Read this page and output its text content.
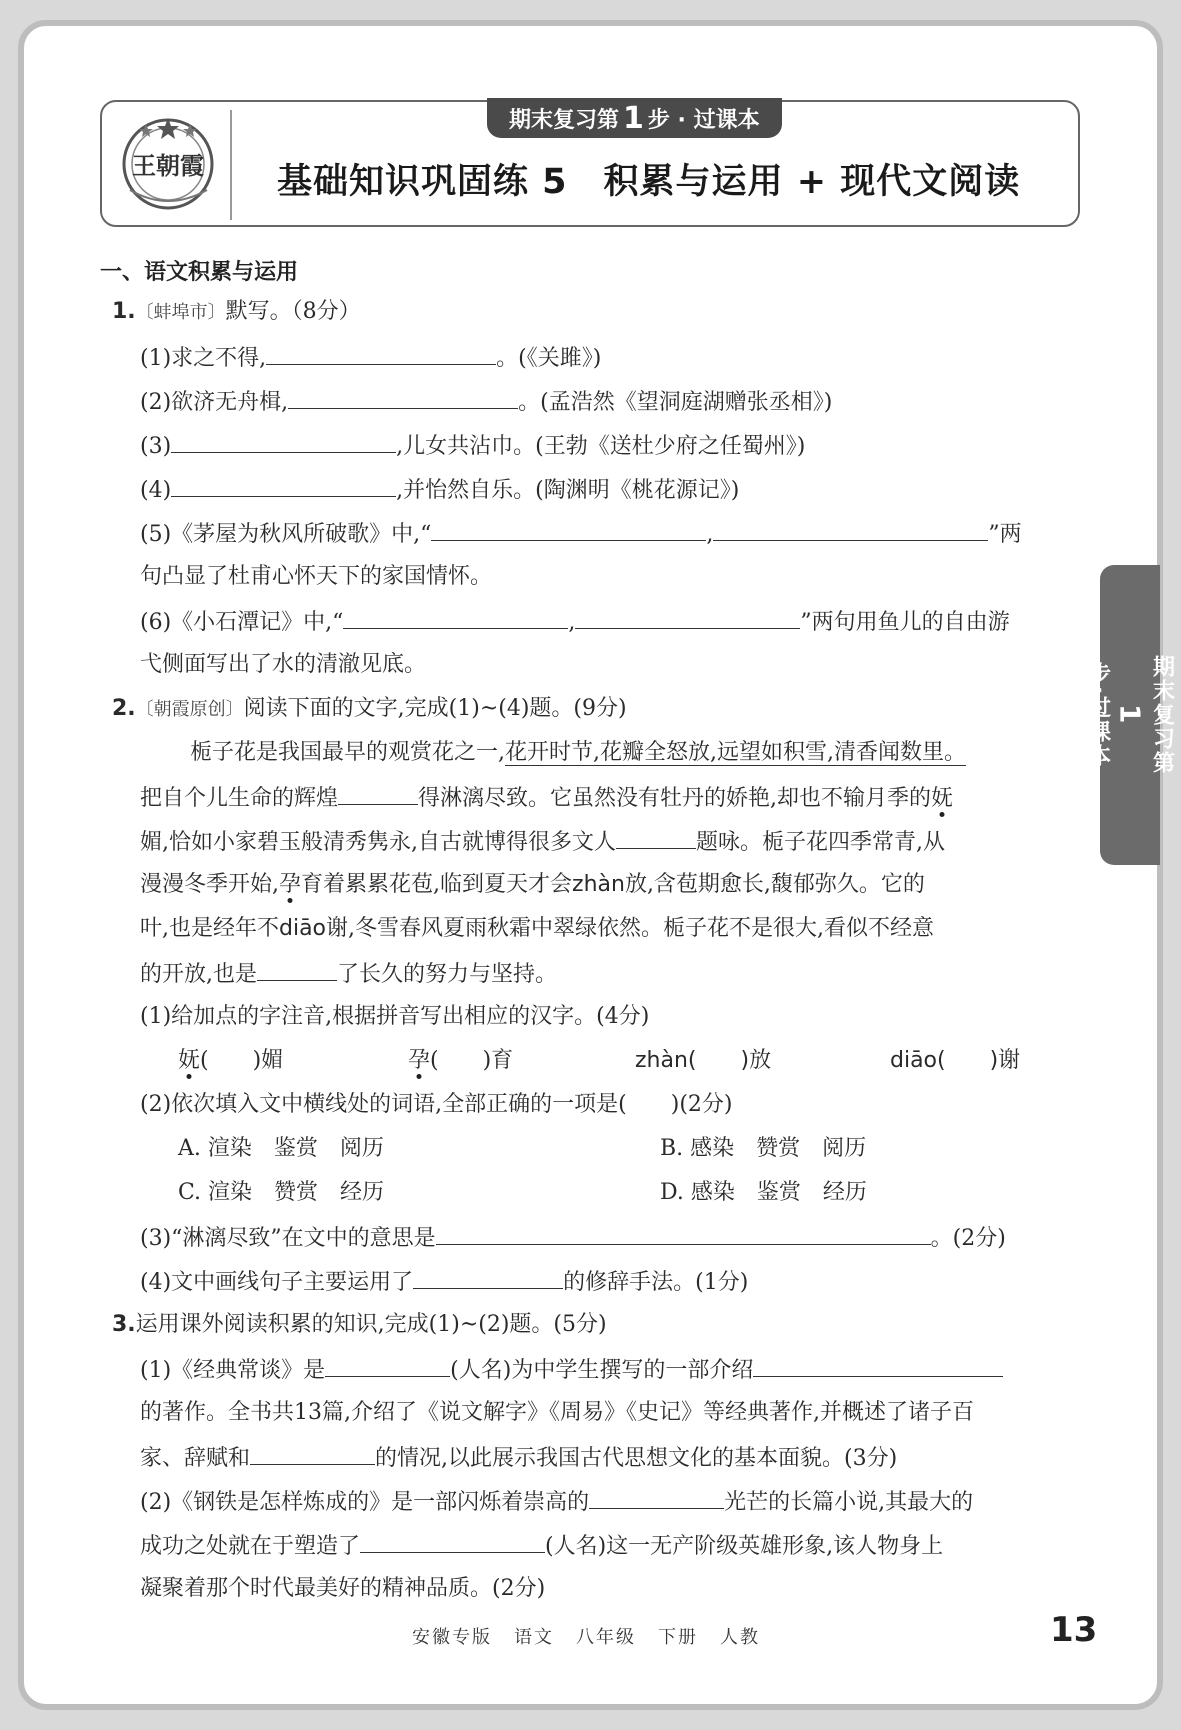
期末复习第 1 步 · 过课本
王朝霞 基础知识巩固练 5　积累与运用 + 现代文阅读
一、语文积累与运用
1.〔蚌埠市〕默写。（8分）
(1)求之不得,	。(《关雎》)
(2)欲济无舟楫,	。(孟浩然《望洞庭湖赠张丞相》)
(3)	,儿女共沾巾。(王勃《送杜少府之任蜀州》)
(4)	,并怡然自乐。(陶渊明《桃花源记》)
(5)《茅屋为秋风所破歌》中,“	,	”两
句凸显了杜甫心怀天下的家国情怀。
(6)《小石潭记》中,“	,	”两句用鱼儿的自由游
弋侧面写出了水的清澈见底。
2.〔朝霞原创〕阅读下面的文字,完成(1)~(4)题。(9分)
栀子花是我国最早的观赏花之一,花开时节,花瓣全怒放,远望如积雪,清香闻数里。
把自个儿生命的辉煌	得淋漓尽致。它虽然没有牡丹的娇艳,却也不输月季的妩
媚,恰如小家碧玉般清秀隽永,自古就博得很多文人	题咏。栀子花四季常青,从
漫漫冬季开始,孕育着累累花苞,临到夏天才会zhàn放,含苞期愈长,馥郁弥久。它的
叶,也是经年不diāo谢,冬雪春风夏雨秋霜中翠绿依然。栀子花不是很大,看似不经意
的开放,也是	了长久的努力与坚持。
(1)给加点的字注音,根据拼音写出相应的汉字。(4分)
妩(　　)媚	孕(　　)育	zhàn(　　)放	diāo(　　)谢
(2)依次填入文中横线处的词语,全部正确的一项是(　　)(2分)
A. 渲染　鉴赏　阅历	B. 感染　赞赏　阅历
C. 渲染　赞赏　经历	D. 感染　鉴赏　经历
(3)“淋漓尽致”在文中的意思是	。(2分)
(4)文中画线句子主要运用了	的修辞手法。(1分)
3.运用课外阅读积累的知识,完成(1)~(2)题。(5分)
(1)《经典常谈》是	(人名)为中学生撰写的一部介绍
的著作。全书共13篇,介绍了《说文解字》《周易》《史记》等经典著作,并概述了诸子百
家、辞赋和	的情况,以此展示我国古代思想文化的基本面貌。(3分)
(2)《钢铁是怎样炼成的》是一部闪烁着崇高的	光芒的长篇小说,其最大的
成功之处就在于塑造了	(人名)这一无产阶级英雄形象,该人物身上
凝聚着那个时代最美好的精神品质。(2分)
期末复习第
1
步·过课本
安徽专版 语文 八年级 下册 人教	13
